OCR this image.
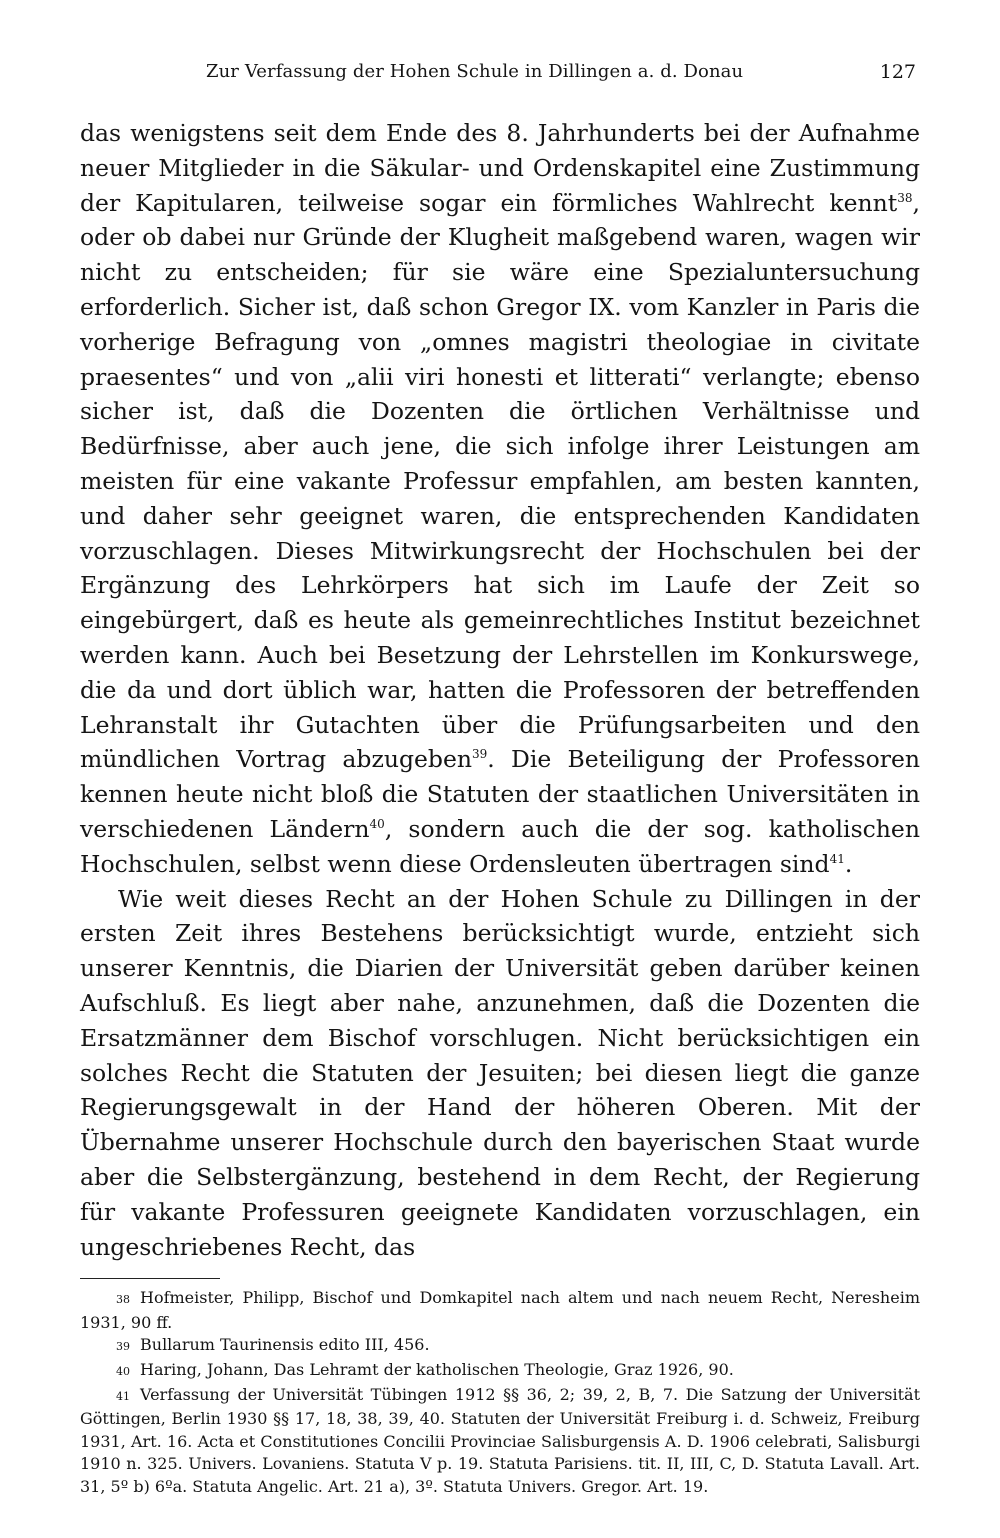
Zur Verfassung der Hohen Schule in Dillingen a. d. Donau	127

das wenigstens seit dem Ende des 8. Jahrhunderts bei der Aufnahme neuer Mitglieder in die Säkular- und Ordenskapitel eine Zustimmung der Kapitularen, teilweise sogar ein förmliches Wahlrecht kennt$^{38}$, oder ob dabei nur Gründe der Klugheit maßgebend waren, wagen wir nicht zu entscheiden; für sie wäre eine Spezialuntersuchung erforderlich. Sicher ist, daß schon Gregor IX. vom Kanzler in Paris die vorherige Befragung von „omnes magistri theologiae in civitate praesentes“ und von „alii viri honesti et litterati“ verlangte; ebenso sicher ist, daß die Dozenten die örtlichen Verhältnisse und Bedürfnisse, aber auch jene, die sich infolge ihrer Leistungen am meisten für eine vakante Professur empfahlen, am besten kannten, und daher sehr geeignet waren, die entsprechenden Kandidaten vorzuschlagen. Dieses Mitwirkungsrecht der Hochschulen bei der Ergänzung des Lehrkörpers hat sich im Laufe der Zeit so eingebürgert, daß es heute als gemeinrechtliches Institut bezeichnet werden kann. Auch bei Besetzung der Lehrstellen im Konkurswege, die da und dort üblich war, hatten die Professoren der betreffenden Lehranstalt ihr Gutachten über die Prüfungsarbeiten und den mündlichen Vortrag abzugeben$^{39}$. Die Beteiligung der Professoren kennen heute nicht bloß die Statuten der staatlichen Universitäten in verschiedenen Ländern$^{40}$, sondern auch die der sog. katholischen Hochschulen, selbst wenn diese Ordensleuten übertragen sind$^{41}$.

Wie weit dieses Recht an der Hohen Schule zu Dillingen in der ersten Zeit ihres Bestehens berücksichtigt wurde, entzieht sich unserer Kenntnis, die Diarien der Universität geben darüber keinen Aufschluß. Es liegt aber nahe, anzunehmen, daß die Dozenten die Ersatzmänner dem Bischof vorschlugen. Nicht berücksichtigen ein solches Recht die Statuten der Jesuiten; bei diesen liegt die ganze Regierungsgewalt in der Hand der höheren Oberen. Mit der Übernahme unserer Hochschule durch den bayerischen Staat wurde aber die Selbstergänzung, bestehend in dem Recht, der Regierung für vakante Professuren geeignete Kandidaten vorzuschlagen, ein ungeschriebenes Recht, das

38 Hofmeister, Philipp, Bischof und Domkapitel nach altem und nach neuem Recht, Neresheim 1931, 90 ff.

39 Bullarum Taurinensis edito III, 456.

40 Haring, Johann, Das Lehramt der katholischen Theologie, Graz 1926, 90.

41 Verfassung der Universität Tübingen 1912 §§ 36, 2; 39, 2, B, 7. Die Satzung der Universität Göttingen, Berlin 1930 §§ 17, 18, 38, 39, 40. Statuten der Universität Freiburg i. d. Schweiz, Freiburg 1931, Art. 16. Acta et Constitutiones Concilii Provinciae Salisburgensis A. D. 1906 celebrati, Salisburgi 1910 n. 325. Univers. Lovaniens. Statuta V p. 19. Statuta Parisiens. tit. II, III, C, D. Statuta Lavall. Art. 31, 5º b) 6ºa. Statuta Angelic. Art. 21 a), 3º. Statuta Univers. Gregor. Art. 19.
